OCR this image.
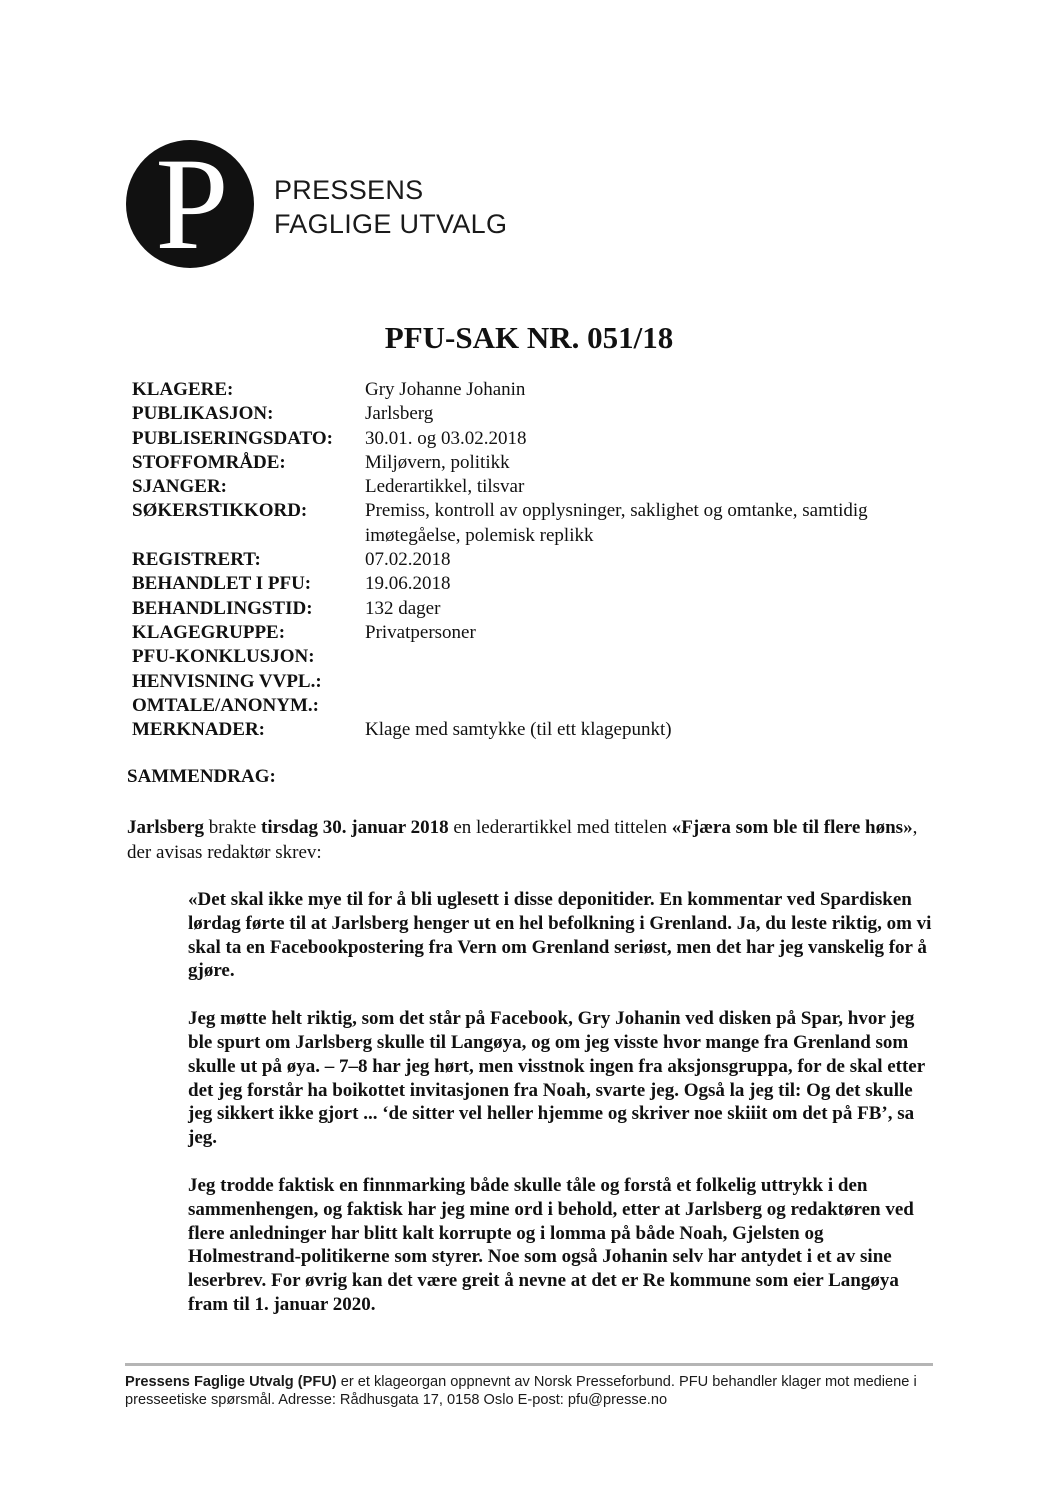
P PRESSENS
FAGLIGE UTVALG
PFU-SAK NR. 051/18
KLAGERE:	Gry Johanne Johanin
PUBLIKASJON:	Jarlsberg
PUBLISERINGSDATO:	30.01. og 03.02.2018
STOFFOMRÅDE:	Miljøvern, politikk
SJANGER:	Lederartikkel, tilsvar
SØKERSTIKKORD:	Premiss, kontroll av opplysninger, saklighet og omtanke, samtidig imøtegåelse, polemisk replikk
REGISTRERT:	07.02.2018
BEHANDLET I PFU:	19.06.2018
BEHANDLINGSTID:	132 dager
KLAGEGRUPPE:	Privatpersoner
PFU-KONKLUSJON:

HENVISNING VVPL.:

OMTALE/ANONYM.:

MERKNADER:	Klage med samtykke (til ett klagepunkt)
SAMMENDRAG:

Jarlsberg brakte tirsdag 30. januar 2018 en lederartikkel med tittelen «Fjæra som ble til flere høns», der avisas redaktør skrev:

«Det skal ikke mye til for å bli uglesett i disse deponitider. En kommentar ved Spardisken lørdag førte til at Jarlsberg henger ut en hel befolkning i Grenland. Ja, du leste riktig, om vi skal ta en Facebookpostering fra Vern om Grenland seriøst, men det har jeg vanskelig for å gjøre.

Jeg møtte helt riktig, som det står på Facebook, Gry Johanin ved disken på Spar, hvor jeg ble spurt om Jarlsberg skulle til Langøya, og om jeg visste hvor mange fra Grenland som skulle ut på øya. – 7–8 har jeg hørt, men visstnok ingen fra aksjonsgruppa, for de skal etter det jeg forstår ha boikottet invitasjonen fra Noah, svarte jeg. Også la jeg til: Og det skulle jeg sikkert ikke gjort ... ‘de sitter vel heller hjemme og skriver noe skiiit om det på FB’, sa jeg.

Jeg trodde faktisk en finnmarking både skulle tåle og forstå et folkelig uttrykk i den sammenhengen, og faktisk har jeg mine ord i behold, etter at Jarlsberg og redaktøren ved flere anledninger har blitt kalt korrupte og i lomma på både Noah, Gjelsten og Holmestrand-politikerne som styrer. Noe som også Johanin selv har antydet i et av sine leserbrev. For øvrig kan det være greit å nevne at det er Re kommune som eier Langøya fram til 1. januar 2020.

Pressens Faglige Utvalg (PFU) er et klageorgan oppnevnt av Norsk Presseforbund. PFU behandler klager mot mediene i presseetiske spørsmål. Adresse: Rådhusgata 17, 0158 Oslo E-post: pfu@presse.no
